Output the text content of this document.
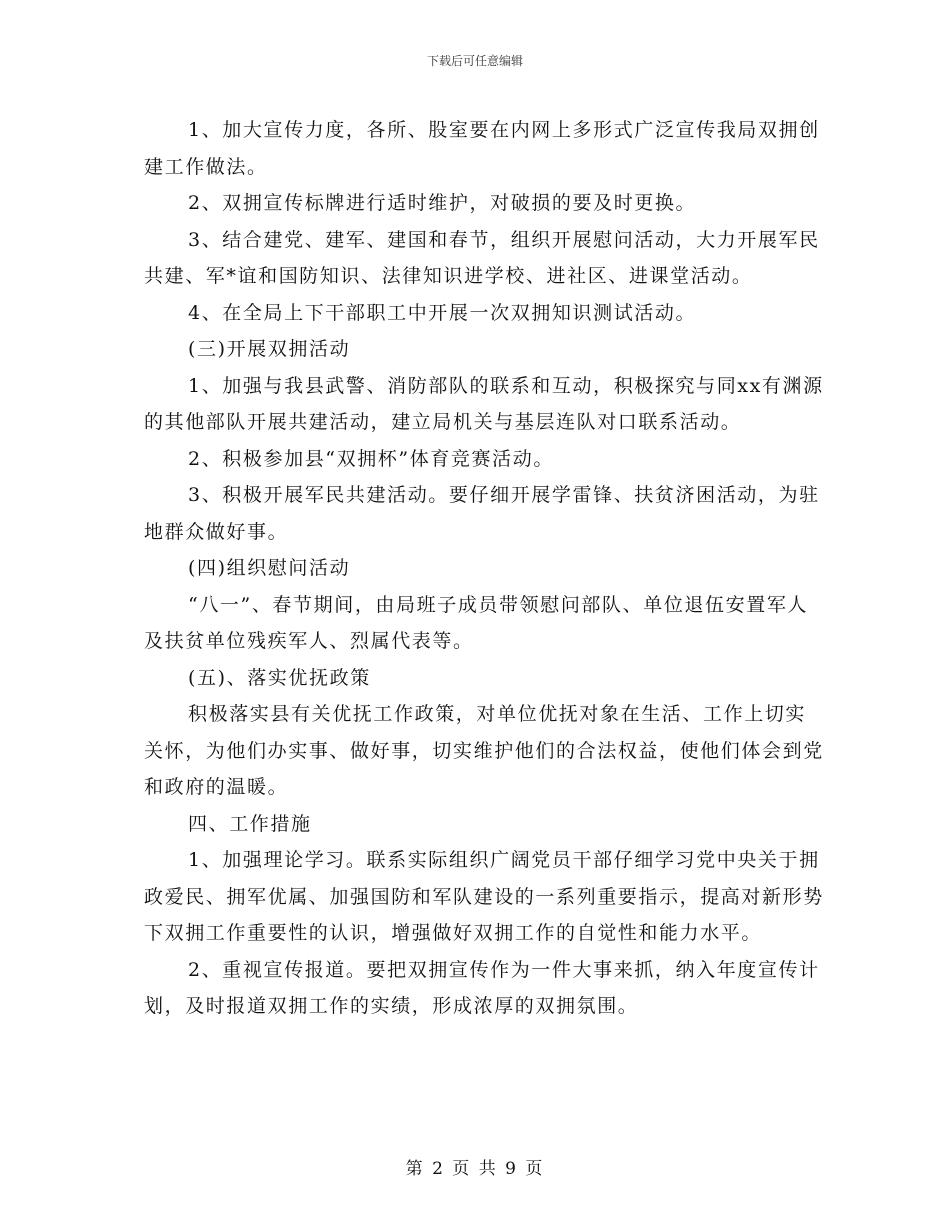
下载后可任意编辑

1、加大宣传力度，各所、股室要在内网上多形式广泛宣传我局双拥创建工作做法。

2、双拥宣传标牌进行适时维护，对破损的要及时更换。

3、结合建党、建军、建国和春节，组织开展慰问活动，大力开展军民共建、军*谊和国防知识、法律知识进学校、进社区、进课堂活动。

4、在全局上下干部职工中开展一次双拥知识测试活动。

(三)开展双拥活动

1、加强与我县武警、消防部队的联系和互动，积极探究与同xx有渊源的其他部队开展共建活动，建立局机关与基层连队对口联系活动。

2、积极参加县“双拥杯”体育竞赛活动。

3、积极开展军民共建活动。要仔细开展学雷锋、扶贫济困活动，为驻地群众做好事。

(四)组织慰问活动

“八一”、春节期间，由局班子成员带领慰问部队、单位退伍安置军人及扶贫单位残疾军人、烈属代表等。

(五)、落实优抚政策

积极落实县有关优抚工作政策，对单位优抚对象在生活、工作上切实关怀，为他们办实事、做好事，切实维护他们的合法权益，使他们体会到党和政府的温暖。

四、工作措施

1、加强理论学习。联系实际组织广阔党员干部仔细学习党中央关于拥政爱民、拥军优属、加强国防和军队建设的一系列重要指示，提高对新形势下双拥工作重要性的认识，增强做好双拥工作的自觉性和能力水平。

2、重视宣传报道。要把双拥宣传作为一件大事来抓，纳入年度宣传计划，及时报道双拥工作的实绩，形成浓厚的双拥氛围。

第 2 页 共 9 页
